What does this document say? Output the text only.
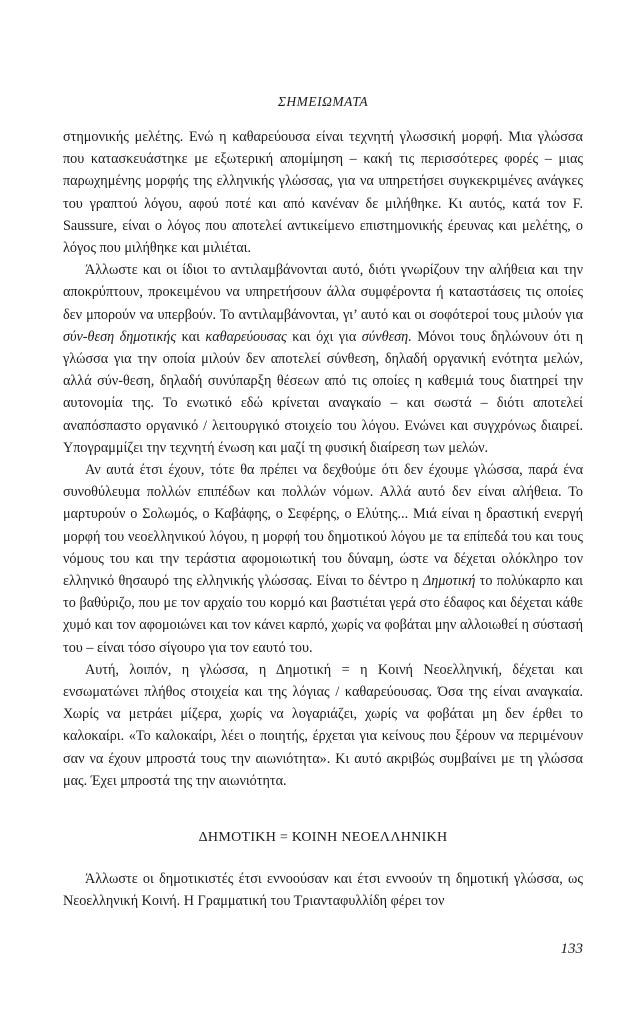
ΣΗΜΕΙΩΜΑΤΑ

στημονικής μελέτης. Ενώ η καθαρεύουσα είναι τεχνητή γλωσσική μορφή. Μια γλώσσα που κατασκευάστηκε με εξωτερική απομίμηση – κακή τις περισσότερες φορές – μιας παρωχημένης μορφής της ελληνικής γλώσσας, για να υπηρετήσει συγκεκριμένες ανάγκες του γραπτού λόγου, αφού ποτέ και από κανέναν δε μιλήθηκε. Κι αυτός, κατά τον F. Saussure, είναι ο λόγος που αποτελεί αντικείμενο επιστημονικής έρευνας και μελέτης, ο λόγος που μιλήθηκε και μιλιέται.

Άλλωστε και οι ίδιοι το αντιλαμβάνονται αυτό, διότι γνωρίζουν την αλήθεια και την αποκρύπτουν, προκειμένου να υπηρετήσουν άλλα συμφέροντα ή καταστάσεις τις οποίες δεν μπορούν να υπερβούν. Το αντιλαμβάνονται, γι’ αυτό και οι σοφότεροί τους μιλούν για σύν-θεση δημοτικής και καθαρεύουσας και όχι για σύνθεση. Μόνοι τους δηλώνουν ότι η γλώσσα για την οποία μιλούν δεν αποτελεί σύνθεση, δηλαδή οργανική ενότητα μελών, αλλά σύν-θεση, δηλαδή συνύπαρξη θέσεων από τις οποίες η καθεμιά τους διατηρεί την αυτονομία της. Το ενωτικό εδώ κρίνεται αναγκαίο – και σωστά – διότι αποτελεί αναπόσπαστο οργανικό / λειτουργικό στοιχείο του λόγου. Ενώνει και συγχρόνως διαιρεί. Υπογραμμίζει την τεχνητή ένωση και μαζί τη φυσική διαίρεση των μελών.

Αν αυτά έτσι έχουν, τότε θα πρέπει να δεχθούμε ότι δεν έχουμε γλώσσα, παρά ένα συνοθύλευμα πολλών επιπέδων και πολλών νόμων. Αλλά αυτό δεν είναι αλήθεια. Το μαρτυρούν ο Σολωμός, ο Καβάφης, ο Σεφέρης, ο Ελύτης... Μιά είναι η δραστική ενεργή μορφή του νεοελληνικού λόγου, η μορφή του δημοτικού λόγου με τα επίπεδά του και τους νόμους του και την τεράστια αφομοιωτική του δύναμη, ώστε να δέχεται ολόκληρο τον ελληνικό θησαυρό της ελληνικής γλώσσας. Είναι το δέντρο η Δημοτική το πολύκαρπο και το βαθύριζο, που με τον αρχαίο του κορμό και βαστιέται γερά στο έδαφος και δέχεται κάθε χυμό και τον αφομοιώνει και τον κάνει καρπό, χωρίς να φοβάται μην αλλοιωθεί η σύστασή του – είναι τόσο σίγουρο για τον εαυτό του.

Αυτή, λοιπόν, η γλώσσα, η Δημοτική = η Κοινή Νεοελληνική, δέχεται και ενσωματώνει πλήθος στοιχεία και της λόγιας / καθαρεύουσας. Όσα της είναι αναγκαία. Χωρίς να μετράει μίζερα, χωρίς να λογαριάζει, χωρίς να φοβάται μη δεν έρθει το καλοκαίρι. «Το καλοκαίρι, λέει ο ποιητής, έρχεται για κείνους που ξέρουν να περιμένουν σαν να έχουν μπροστά τους την αιωνιότητα». Κι αυτό ακριβώς συμβαίνει με τη γλώσσα μας. Έχει μπροστά της την αιωνιότητα.

ΔΗΜΟΤΙΚΗ = ΚΟΙΝΗ ΝΕΟΕΛΛΗΝΙΚΗ

Άλλωστε οι δημοτικιστές έτσι εννοούσαν και έτσι εννοούν τη δημοτική γλώσσα, ως Νεοελληνική Κοινή. Η Γραμματική του Τριανταφυλλίδη φέρει τον

133
